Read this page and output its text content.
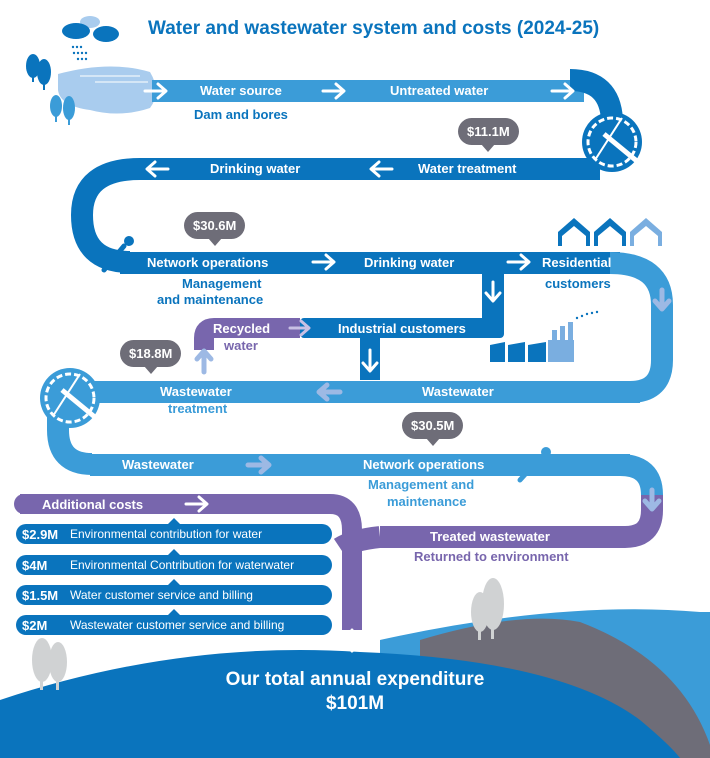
Water and wastewater system and costs (2024-25)
Water source
Dam and bores
Untreated water
$11.1M
Water treatment
Drinking water
$30.6M
Network operations
Management
and maintenance
Drinking water	Residential
customers
Recycled
water
Industrial customers
$18.8M
Wastewater
treatment
Wastewater
Wastewater
$30.5M
Network operations
Management and
maintenance
Treated wastewater
Returned to environment
Additional costs
$2.9M Environmental contribution for water
$4M	Environmental Contribution for waterwater
$1.5M Water customer service and billing
$2M	Wastewater customer service and billing
Our total annual expenditure
$101M
